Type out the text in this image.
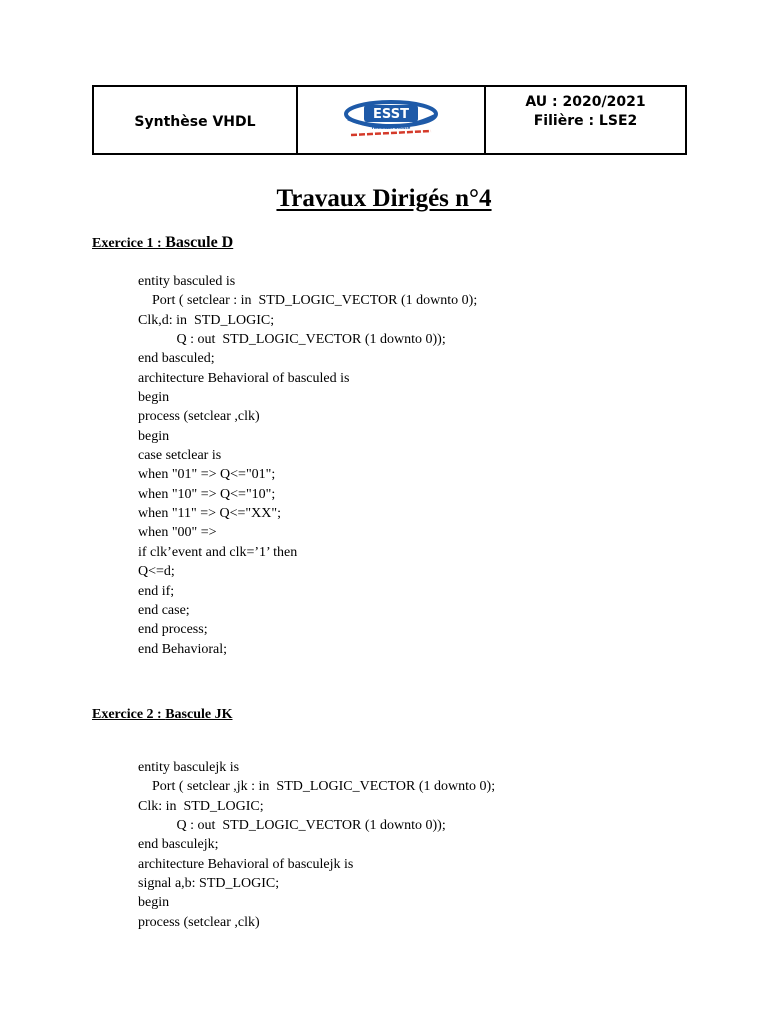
Synthèse VHDL	ESST
Hammam Sousse
AU : 2020/2021
Filière : LSE2
Travaux Dirigés n°4
Exercice 1 : Bascule D
entity basculed is
Port ( setclear : in  STD_LOGIC_VECTOR (1 downto 0);
Clk,d: in  STD_LOGIC;
Q : out  STD_LOGIC_VECTOR (1 downto 0));
end basculed;
architecture Behavioral of basculed is
begin
process (setclear ,clk)
begin
case setclear is
when "01" => Q<="01";
when "10" => Q<="10";
when "11" => Q<="XX";
when "00" =>
if clk’event and clk=’1’ then
Q<=d;
end if;
end case;
end process;
end Behavioral;
Exercice 2 : Bascule JK
entity basculejk is
Port ( setclear ,jk : in  STD_LOGIC_VECTOR (1 downto 0);
Clk: in  STD_LOGIC;
Q : out  STD_LOGIC_VECTOR (1 downto 0));
end basculejk;
architecture Behavioral of basculejk is
signal a,b: STD_LOGIC;
begin
process (setclear ,clk)
